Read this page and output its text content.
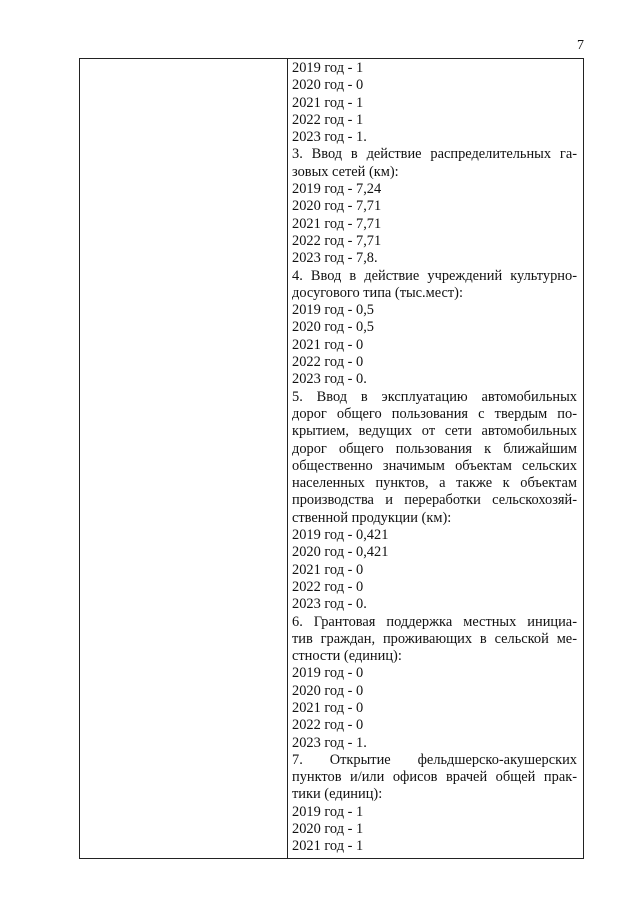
7
2019 год - 1
2020 год - 0
2021 год - 1
2022 год - 1
2023 год - 1.
3. Ввод в действие распределительных га-
зовых сетей (км):
2019 год - 7,24
2020 год - 7,71
2021 год - 7,71
2022 год - 7,71
2023 год - 7,8.
4. Ввод в действие учреждений культурно-
досугового типа (тыс.мест):
2019 год - 0,5
2020 год - 0,5
2021 год - 0
2022 год - 0
2023 год - 0.
5. Ввод в эксплуатацию автомобильных
дорог общего пользования с твердым по-
крытием, ведущих от сети автомобильных
дорог общего пользования к ближайшим
общественно значимым объектам сельских
населенных пунктов, а также к объектам
производства и переработки сельскохозяй-
ственной продукции (км):
2019 год - 0,421
2020 год - 0,421
2021 год - 0
2022 год - 0
2023 год - 0.
6. Грантовая поддержка местных инициа-
тив граждан, проживающих в сельской ме-
стности (единиц):
2019 год - 0
2020 год - 0
2021 год - 0
2022 год - 0
2023 год - 1.
7. Открытие фельдшерско-акушерских
пунктов и/или офисов врачей общей прак-
тики (единиц):
2019 год - 1
2020 год - 1
2021 год - 1
